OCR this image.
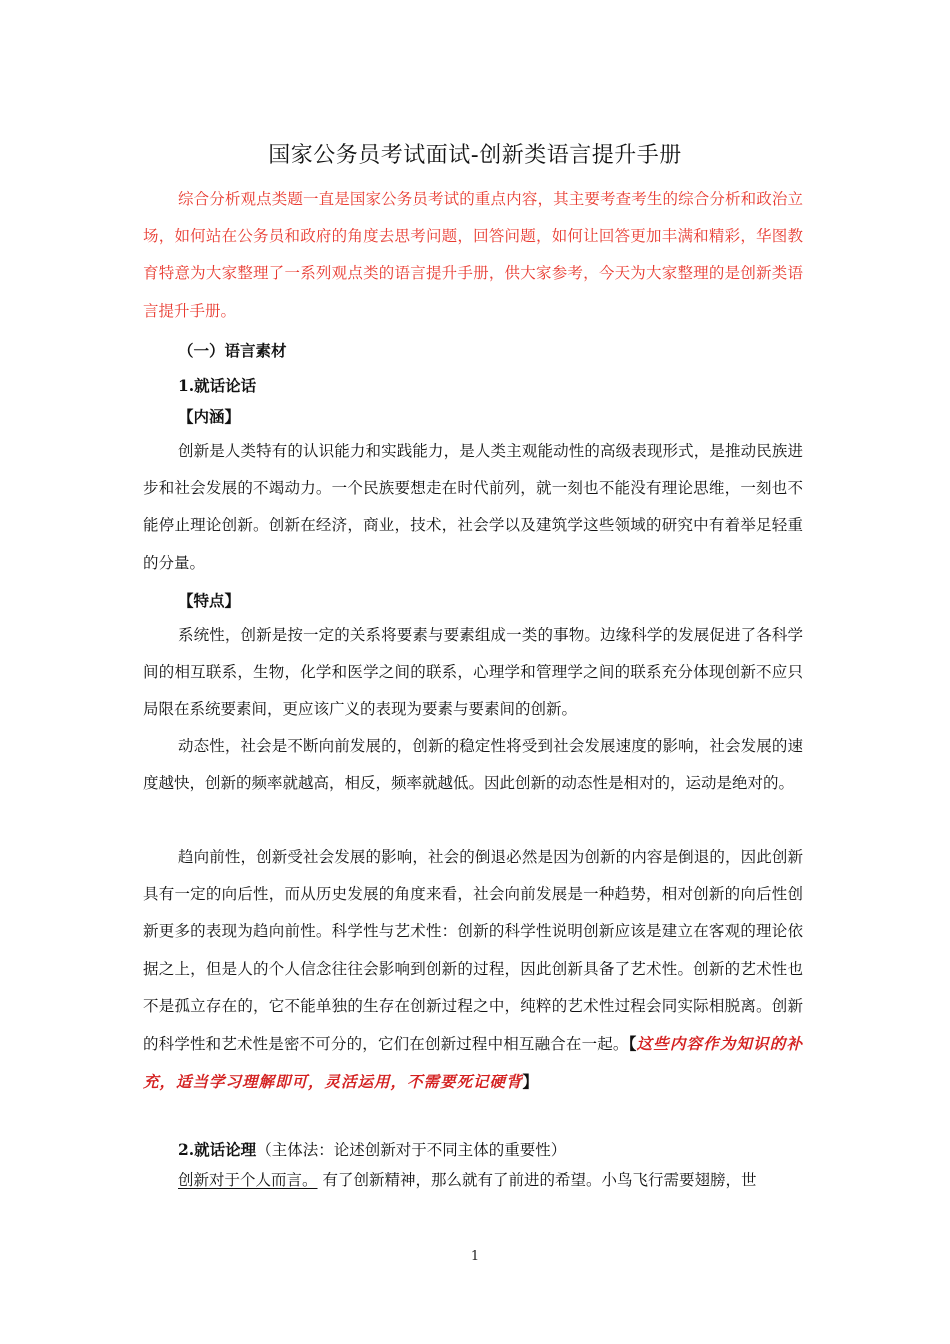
国家公务员考试面试-创新类语言提升手册

综合分析观点类题一直是国家公务员考试的重点内容，其主要考查考生的综合分析和政治立场，如何站在公务员和政府的角度去思考问题，回答问题，如何让回答更加丰满和精彩，华图教育特意为大家整理了一系列观点类的语言提升手册，供大家参考，今天为大家整理的是创新类语言提升手册。

（一）语言素材
1.就话论话
【内涵】

创新是人类特有的认识能力和实践能力，是人类主观能动性的高级表现形式，是推动民族进步和社会发展的不竭动力。一个民族要想走在时代前列，就一刻也不能没有理论思维，一刻也不能停止理论创新。创新在经济，商业，技术，社会学以及建筑学这些领域的研究中有着举足轻重的分量。

【特点】

系统性，创新是按一定的关系将要素与要素组成一类的事物。边缘科学的发展促进了各科学间的相互联系，生物，化学和医学之间的联系，心理学和管理学之间的联系充分体现创新不应只局限在系统要素间，更应该广义的表现为要素与要素间的创新。

动态性，社会是不断向前发展的，创新的稳定性将受到社会发展速度的影响，社会发展的速度越快，创新的频率就越高，相反，频率就越低。因此创新的动态性是相对的，运动是绝对的。

趋向前性，创新受社会发展的影响，社会的倒退必然是因为创新的内容是倒退的，因此创新具有一定的向后性，而从历史发展的角度来看，社会向前发展是一种趋势，相对创新的向后性创新更多的表现为趋向前性。科学性与艺术性：创新的科学性说明创新应该是建立在客观的理论依据之上，但是人的个人信念往往会影响到创新的过程，因此创新具备了艺术性。创新的艺术性也不是孤立存在的，它不能单独的生存在创新过程之中，纯粹的艺术性过程会同实际相脱离。创新的科学性和艺术性是密不可分的，它们在创新过程中相互融合在一起。【这些内容作为知识的补充，适当学习理解即可，灵活运用，不需要死记硬背】

2.就话论理（主体法：论述创新对于不同主体的重要性）

创新对于个人而言。 有了创新精神，那么就有了前进的希望。小鸟飞行需要翅膀，世

1
